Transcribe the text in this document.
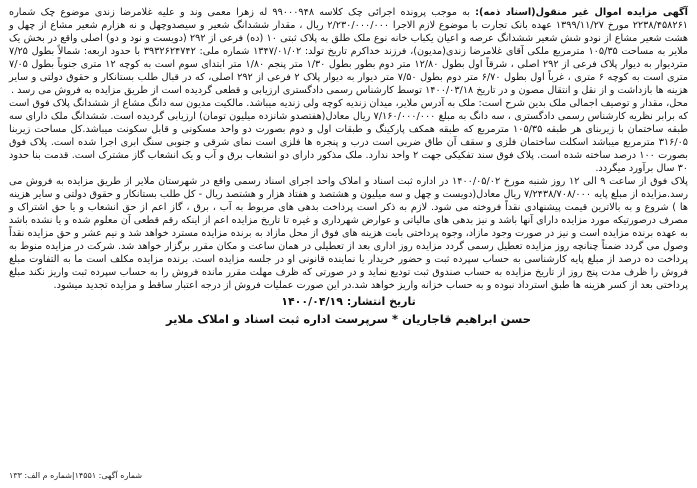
آگهی مزایده اموال غیر منقول(اسناد ذمه): به موجب پرونده اجرائی چک کلاسه ۹۹۰۰۰۹۴۸ له زهرا معمی وند و علیه غلامرضا زندی موضوع چک شماره ۲۲۳۸/۴۵۸۲۶۱ مورخ ۱۳۹۹/۱۱/۲۷ عهده بانک تجارت با موضوع لازم الاجرا ۲/۲۳۰/۰۰۰/۰۰۰ ریال ، مقدار ششدانگ شعیر و سیصدوچهل و نه هزارم شعیر مشاع از چهل و هشت شعیر مشاع از نودو شش شعیر ششدانگ عرصه و اعیان یکباب خانه نوع ملک طلق به پلاک ثبتی ۱۰ (ده) فرعی از ۲۹۲ (دویست و نود و دو) اصلی واقع در بخش یک ملایر به مساحت ۱۰۵/۳۵ مترمربع ملکی آقای غلامرضا زندی(مدیون)، فرزند خداکرم تاریخ تولد: ۱۳۴۷/۰۱/۰۲ شماره ملی: ۳۹۳۲۶۲۴۷۴۲ با حدود اربعه: شمالاً بطول ۷/۲۵ متردیوار به دیوار پلاک فرعی از ۲۹۲ اصلی ، شرقاً اول بطول ۱۲/۸۰ متر دوم بطور بطول ۱/۳۰ متر پنجم ۱/۸۰ متر ابتدای سوم است به کوچه ۱۲ متری جنوباً بطول ۷/۰۵ متری است به کوچه ۶ متری ، غرباً اول بطول ۶/۷۰ متر دوم بطول ۷/۵۰ متر دیوار به دیوار پلاک ۲ فرعی از ۲۹۲ اصلی، که در قبال طلب بستانکار و حقوق دولتی و سایر هزینه ها بازداشت و از نقل و انتقال مصون و در تاریخ ۱۴۰۰/۰۳/۱۸ توسط کارشناس رسمی دادگستری ارزیابی و قطعی گردیده است از طریق مزایده به فروش می رسد .

محل، مقدار و توصیف اجمالی ملک بدین شرح است: ملک به آدرس ملایر، میدان زندیه کوچه ولی زندیه میباشد. مالکیت مدیون سه دانگ مشاع از ششدانگ پلاک فوق است که برابر نظریه کارشناس رسمی دادگستری ، سه دانگ به مبلغ ۷/۱۶۰/۰۰۰/۰۰۰ ریال معادل(هفتصدو شانزده میلیون تومان) ارزیابی گردیده است. ششدانگ ملک دارای سه طبقه ساختمان با زیربنای هر طبقه ۱۰۵/۳۵ مترمربع که طبقه همکف پارکینگ و طبقات اول و دوم بصورت دو واحد مسکونی و قابل سکونت میباشد.کل مساحت زیربنا ۳۱۶/۰۵ مترمربع میباشد اسکلت ساختمان فلزی و سقف آن طاق ضربی است درب و پنجره ها فلزی است نمای شرقی و جنوبی سنگ ابری اجرا شده است. پلاک فوق بصورت ۱۰۰ درصد ساخته شده است. پلاک فوق سند تفکیکی جهت ۲ واحد ندارد. ملک مذکور دارای دو انشعاب برق و آب و یک انشعاب گاز مشترک است. قدمت بنا حدود ۳۰ سال برآورد میگردد.

پلاک فوق از ساعت ۹ الی ۱۲ روز شنبه مورخ ۱۴۰۰/۰۵/۰۲ در اداره ثبت اسناد و املاک واحد اجرای اسناد رسمی واقع در شهرستان ملایر از طریق مزایده به فروش می رسد.مزایده از مبلغ پایه ۷/۲۴۳۸/۷۰۸/۰۰۰ ریال معادل(دویست و چهل و سه میلیون و هشتصد و هفتاد هزار و هشتصد ریال - کل طلب بستانکار و حقوق دولتی و سایر هزینه ها ) شروع و به بالاترین قیمت پیشنهادی نقداً فروخته می شود. لازم به ذکر است پرداخت بدهی های مربوط به آب ، برق ، گاز اعم از حق انشعاب و یا حق اشتراک و مصرف درصورتیکه مورد مزایده دارای آنها باشد و نیز بدهی های مالیاتی و عوارض شهرداری و غیره تا تاریخ مزایده اعم از اینکه رقم قطعی آن معلوم شده و یا نشده باشد به عهده برنده مزایده است و نیز در صورت وجود مازاد، وجوه پرداختی بابت هزینه های فوق از محل مازاد به برنده مزایده مسترد خواهد شد و نیم عشر و حق مزایده نقداً وصول می گردد ضمناً چنانچه روز مزایده تعطیل رسمی گردد مزایده روز اداری بعد از تعطیلی در همان ساعت و مکان مقرر برگزار خواهد شد. شرکت در مزایده منوط به پرداخت ده درصد از مبلغ پایه کارشناسی به حساب سپرده ثبت و حضور خریدار یا نماینده قانونی او در جلسه مزایده است. برنده مزایده مکلف است ما به التفاوت مبلغ فروش را ظرف مدت پنج روز از تاریخ مزایده به حساب صندوق ثبت تودیع نماید و در صورتی که ظرف مهلت مقرر مانده فروش را به حساب سپرده ثبت واریز نکند مبلغ پرداختی بعد از کسر هزینه ها طبق استرداد نبوده و به حساب خزانه واریز خواهد شد.در این صورت عملیات فروش از درجه اعتبار ساقط و مزایده تجدید میشود.

تاریخ انتشار: ۱۴۰۰/۰۴/۱۹
حسن ابراهیم قاجاریان * سرپرست اداره ثبت اسناد و املاک ملایر
شماره آگهی: ۱۴۵۵۱|شماره م الف: ۱۳۳
